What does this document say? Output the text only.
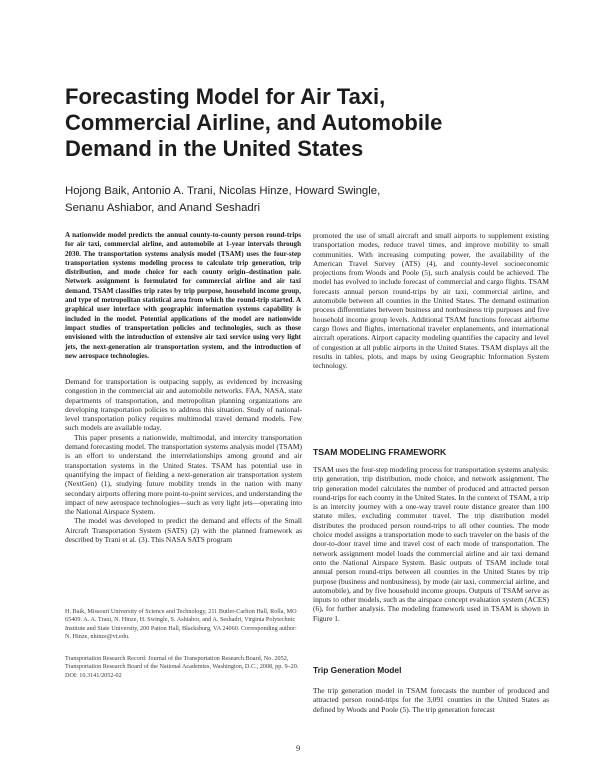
Forecasting Model for Air Taxi,
Commercial Airline, and Automobile
Demand in the United States
Hojong Baik, Antonio A. Trani, Nicolas Hinze, Howard Swingle,
Senanu Ashiabor, and Anand Seshadri

A nationwide model predicts the annual county-to-county person round-trips for air taxi, commercial airline, and automobile at 1-year intervals through 2030. The transportation systems analysis model (TSAM) uses the four-step transportation systems modeling process to calculate trip generation, trip distribution, and mode choice for each county origin–destination pair. Network assignment is formulated for commercial airline and air taxi demand. TSAM classifies trip rates by trip purpose, household income group, and type of metropolitan statistical area from which the round-trip started. A graphical user interface with geographic information systems capability is included in the model. Potential applications of the model are nationwide impact studies of transportation policies and technologies, such as those envisioned with the introduction of extensive air taxi service using very light jets, the next-generation air transportation system, and the introduction of new aerospace technologies.

Demand for transportation is outpacing supply, as evidenced by increasing congestion in the commercial air and automobile networks. FAA, NASA, state departments of transportation, and metropolitan planning organizations are developing transportation policies to address this situation. Study of national-level transportation policy requires multimodal travel demand models. Few such models are available today.

This paper presents a nationwide, multimodal, and intercity transportation demand forecasting model. The transportation systems analysis model (TSAM) is an effort to understand the interrelationships among ground and air transportation systems in the United States. TSAM has potential use in quantifying the impact of fielding a next-generation air transportation system (NextGen) (1), studying future mobility trends in the nation with many secondary airports offering more point-to-point services, and understanding the impact of new aerospace technologies—such as very light jets—operating into the National Airspace System.

The model was developed to predict the demand and effects of the Small Aircraft Transportation System (SATS) (2) with the planned framework as described by Trani et al. (3). This NASA SATS program

H. Baik, Missouri University of Science and Technology, 211 Butler-Carlton Hall, Rolla, MO 65409. A. A. Trani, N. Hinze, H. Swingle, S. Ashiabor, and A. Seshadri, Virginia Polytechnic Institute and State University, 200 Patton Hall, Blacksburg, VA 24060. Corresponding author: N. Hinze, nhinze@vt.edu.

Transportation Research Record: Journal of the Transportation Research Board, No. 2052, Transportation Research Board of the National Academies, Washington, D.C., 2008, pp. 9–20. DOI: 10.3141/2052-02

promoted the use of small aircraft and small airports to supplement existing transportation modes, reduce travel times, and improve mobility to small communities. With increasing computing power, the availability of the American Travel Survey (ATS) (4), and county-level socioeconomic projections from Woods and Poole (5), such analysis could be achieved. The model has evolved to include forecast of commercial and cargo flights. TSAM forecasts annual person round-trips by air taxi, commercial airline, and automobile between all counties in the United States. The demand estimation process differentiates between business and nonbusiness trip purposes and five household income group levels. Additional TSAM functions forecast airborne cargo flows and flights, international traveler enplanements, and international aircraft operations. Airport capacity modeling quantifies the capacity and level of congestion at all public airports in the United States. TSAM displays all the results in tables, plots, and maps by using Geographic Information System technology.

TSAM MODELING FRAMEWORK

TSAM uses the four-step modeling process for transportation systems analysis: trip generation, trip distribution, mode choice, and network assignment. The trip generation model calculates the number of produced and attracted person round-trips for each county in the United States. In the context of TSAM, a trip is an intercity journey with a one-way travel route distance greater than 100 statute miles, excluding commuter travel. The trip distribution model distributes the produced person round-trips to all other counties. The mode choice model assigns a transportation mode to each traveler on the basis of the door-to-door travel time and travel cost of each mode of transportation. The network assignment model loads the commercial airline and air taxi demand onto the National Airspace System. Basic outputs of TSAM include total annual person round-trips between all counties in the United States by trip purpose (business and nonbusiness), by mode (air taxi, commercial airline, and automobile), and by five household income groups. Outputs of TSAM serve as inputs to other models, such as the airspace concept evaluation system (ACES) (6), for further analysis. The modeling framework used in TSAM is shown in Figure 1.

Trip Generation Model

The trip generation model in TSAM forecasts the number of produced and attracted person round-trips for the 3,091 counties in the United States as defined by Woods and Poole (5). The trip generation forecast

9
